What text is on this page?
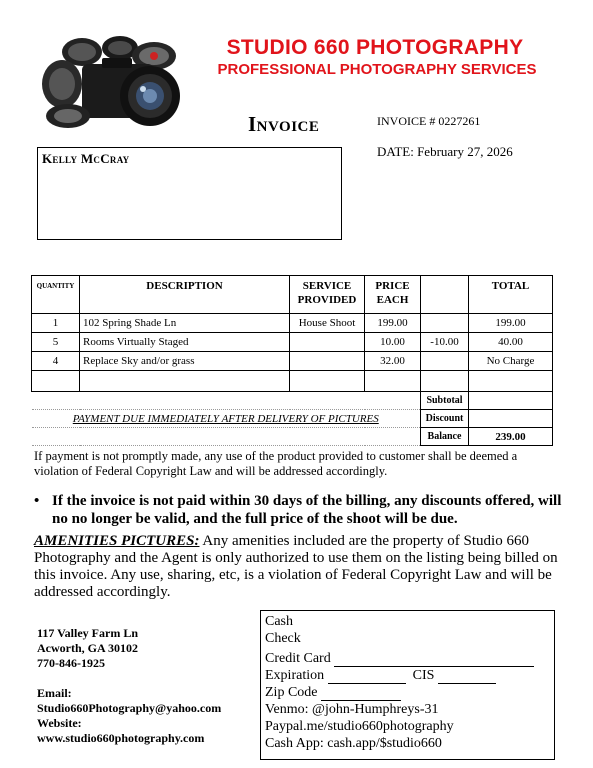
STUDIO 660 PHOTOGRAPHY
PROFESSIONAL PHOTOGRAPHY SERVICES
Invoice	INVOICE # 0227261
DATE: February 27, 2026
Kelly McCray
QUANTITY	DESCRIPTION	SERVICE PROVIDED	PRICE EACH		TOTAL
1	102 Spring Shade Ln	House Shoot	199.00		199.00
5	Rooms Virtually Staged		10.00	-10.00	40.00
4	Replace Sky and/or grass		32.00		No Charge

				Subtotal	
PAYMENT DUE IMMEDIATELY AFTER DELIVERY OF PICTURES				Discount	
				Balance	239.00
If payment is not promptly made, any use of the product provided to customer shall be deemed a violation of Federal Copyright Law and will be addressed accordingly.
• If the invoice is not paid within 30 days of the billing, any discounts offered, will no no longer be valid, and the full price of the shoot will be due.
AMENITIES PICTURES: Any amenities included are the property of Studio 660 Photography and the Agent is only authorized to use them on the listing being billed on this invoice. Any use, sharing, etc, is a violation of Federal Copyright Law and will be addressed accordingly.
117 Valley Farm Ln
Acworth, GA 30102
770-846-1925
Email:
Studio660Photography@yahoo.com
Website:
www.studio660photography.com
Cash
Check
Credit Card
Expiration	CIS
Zip Code
Venmo: @john-Humphreys-31
Paypal.me/studio660photography
Cash App: cash.app/$studio660
